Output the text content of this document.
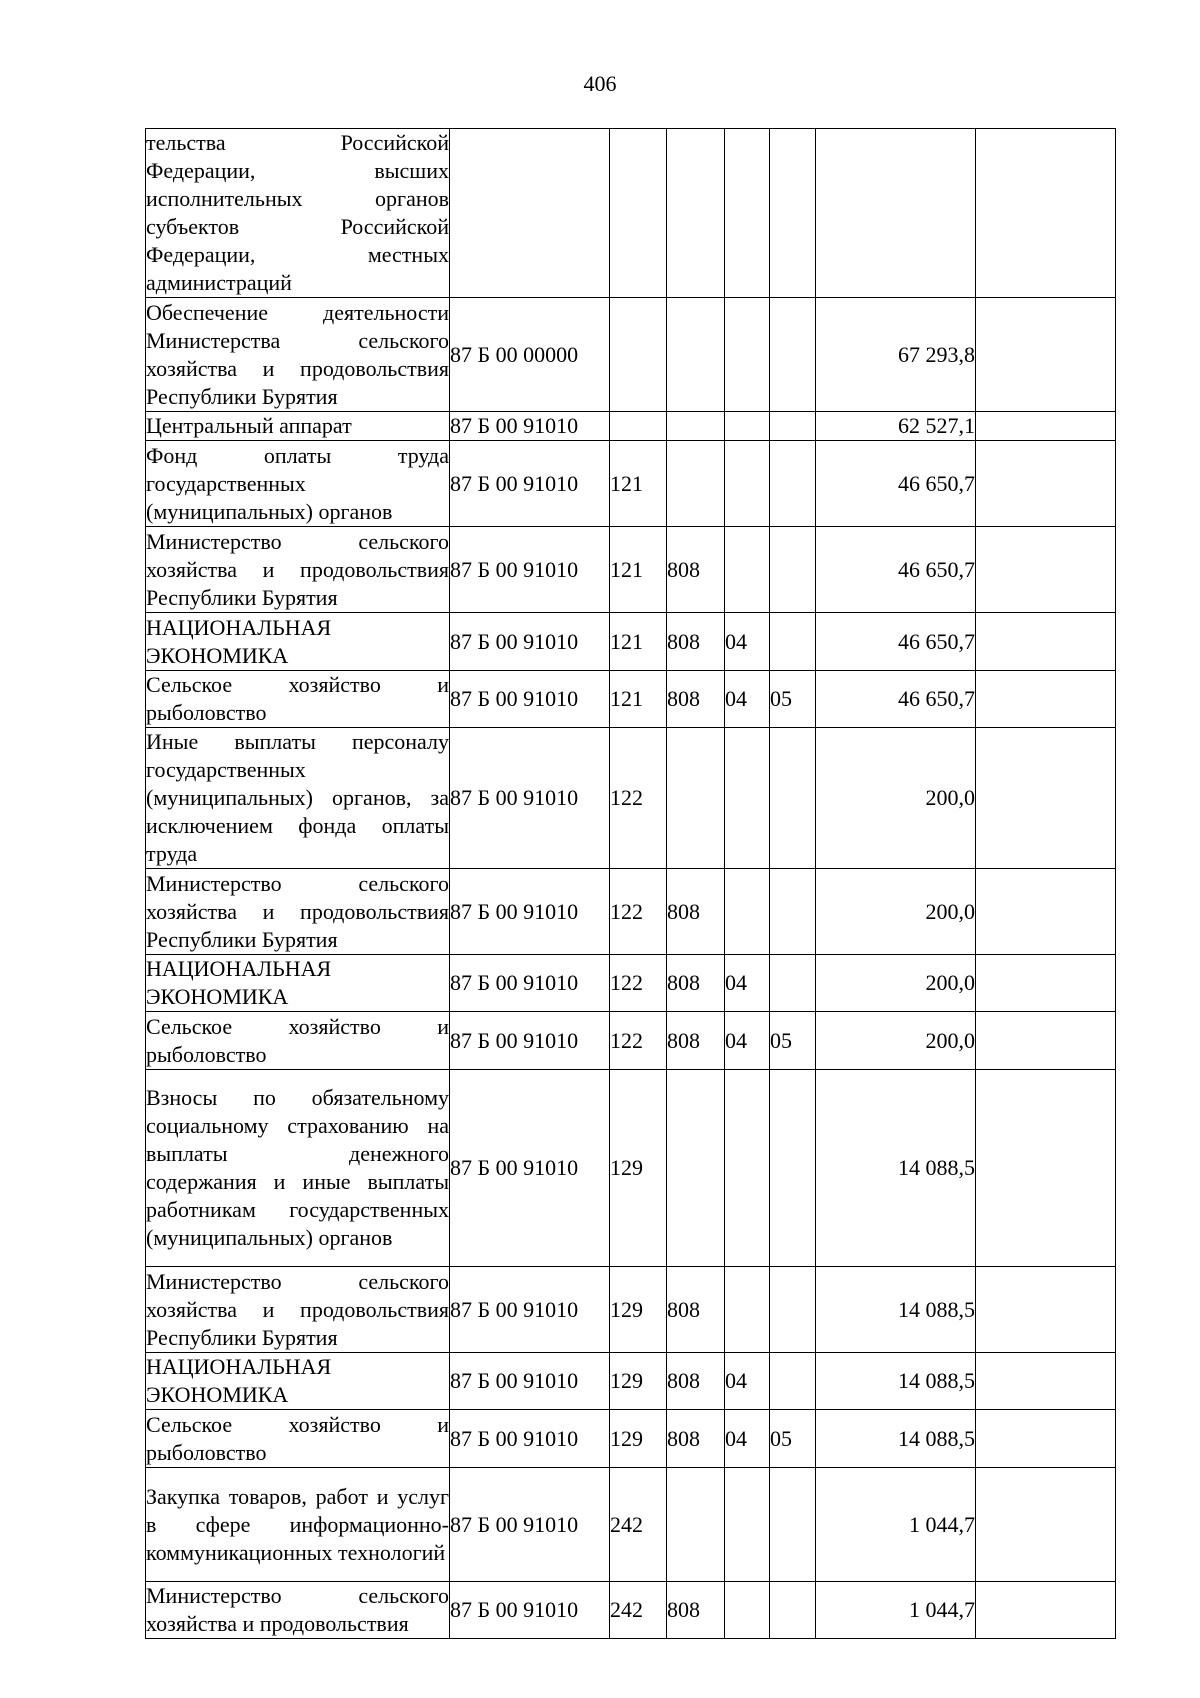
406
тельства Российской Федерации, высших исполнительных органов субъектов Российской Федерации, местных администраций							
Обеспечение деятельности Министерства сельского хозяйства и продовольствия Республики Бурятия	87 Б 00 00000					67 293,8	
Центральный аппарат	87 Б 00 91010					62 527,1	
Фонд оплаты труда государственных (муниципальных) органов	87 Б 00 91010	121				46 650,7	
Министерство сельского хозяйства и продовольствия Республики Бурятия	87 Б 00 91010	121	808			46 650,7	
НАЦИОНАЛЬНАЯ ЭКОНОМИКА	87 Б 00 91010	121	808	04		46 650,7	
Сельское хозяйство и рыболовство	87 Б 00 91010	121	808	04	05	46 650,7	
Иные выплаты персоналу государственных (муниципальных) органов, за исключением фонда оплаты труда	87 Б 00 91010	122				200,0	
Министерство сельского хозяйства и продовольствия Республики Бурятия	87 Б 00 91010	122	808			200,0	
НАЦИОНАЛЬНАЯ ЭКОНОМИКА	87 Б 00 91010	122	808	04		200,0	
Сельское хозяйство и рыболовство	87 Б 00 91010	122	808	04	05	200,0	
Взносы по обязательному социальному страхованию на выплаты денежного содержания и иные выплаты работникам государственных (муниципальных) органов	87 Б 00 91010	129				14 088,5	
Министерство сельского хозяйства и продовольствия Республики Бурятия	87 Б 00 91010	129	808			14 088,5	
НАЦИОНАЛЬНАЯ ЭКОНОМИКА	87 Б 00 91010	129	808	04		14 088,5	
Сельское хозяйство и рыболовство	87 Б 00 91010	129	808	04	05	14 088,5	
Закупка товаров, работ и услуг в сфере информационно-коммуникационных технологий	87 Б 00 91010	242				1 044,7	
Министерство сельского хозяйства и продовольствия	87 Б 00 91010	242	808			1 044,7	
